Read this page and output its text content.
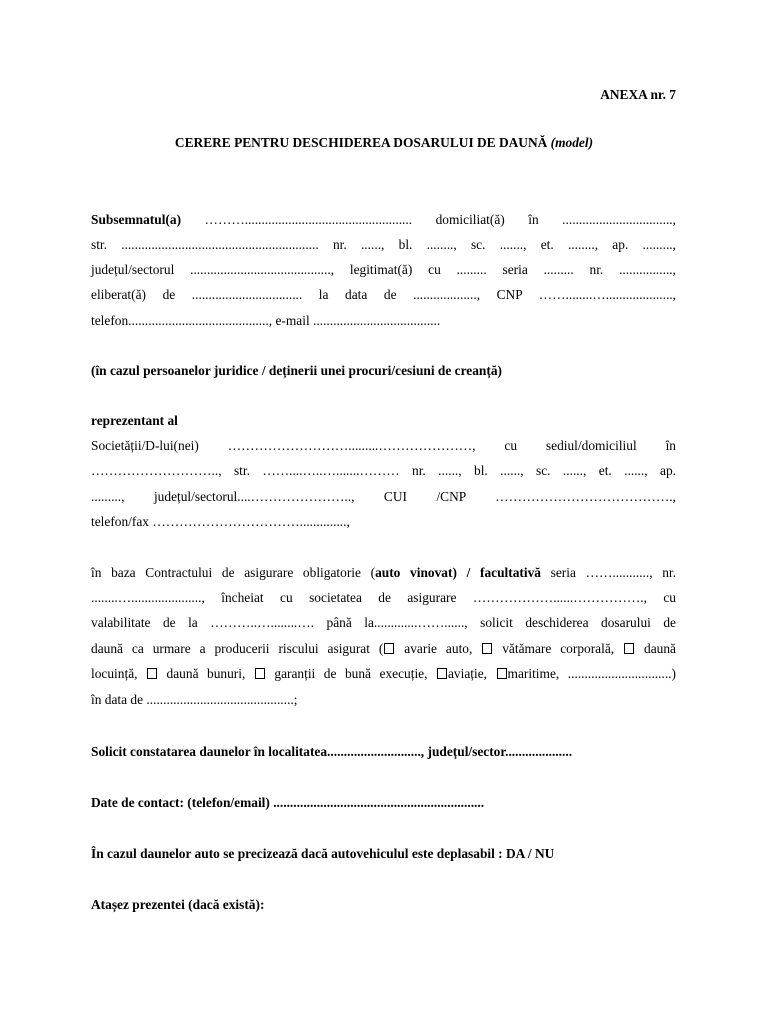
ANEXA nr. 7
CERERE PENTRU DESCHIDEREA DOSARULUI DE DAUNĂ (model)
Subsemnatul(a) ……….................................................. domiciliat(ă) în .................................,
str. ........................................................... nr. ......, bl. ........, sc. ......., et. ........, ap. .........,
județul/sectorul .........................................., legitimat(ă) cu ......... seria ......... nr. ................,
eliberat(ă) de ................................. la data de ..................., CNP ……........…....................,
telefon.........................................., e-mail ......................................
(în cazul persoanelor juridice / deținerii unei procuri/cesiuni de creanță)
reprezentant al
Societății/D-lui(nei) ……………………….........…………………, cu sediul/domiciliul în
……………………….., str. ……....…..….......……… nr. ......, bl. ......, sc. ......, et. ......, ap.
........., județul/sectorul....………………….., CUI /CNP ………………………………….,
telefon/fax ……………………………..............,
în baza Contractului de asigurare obligatorie (auto vinovat) / facultativă seria ……..........., nr.
........…....................., încheiat cu societatea de asigurare ………………......……………., cu
valabilitate de la ………..…........…. până la.............……......, solicit deschiderea dosarului de
daună ca urmare a producerii riscului asigurat ( avarie auto,  vătămare corporală,  daună
locuință,  daună bunuri,  garanții de bună execuție, aviație, maritime, ...............................)
în data de ............................................;
Solicit constatarea daunelor în localitatea............................, județul/sector....................
Date de contact: (telefon/email) ...............................................................
În cazul daunelor auto se precizează dacă autovehiculul este deplasabil : DA / NU
Atașez prezentei (dacă există):
